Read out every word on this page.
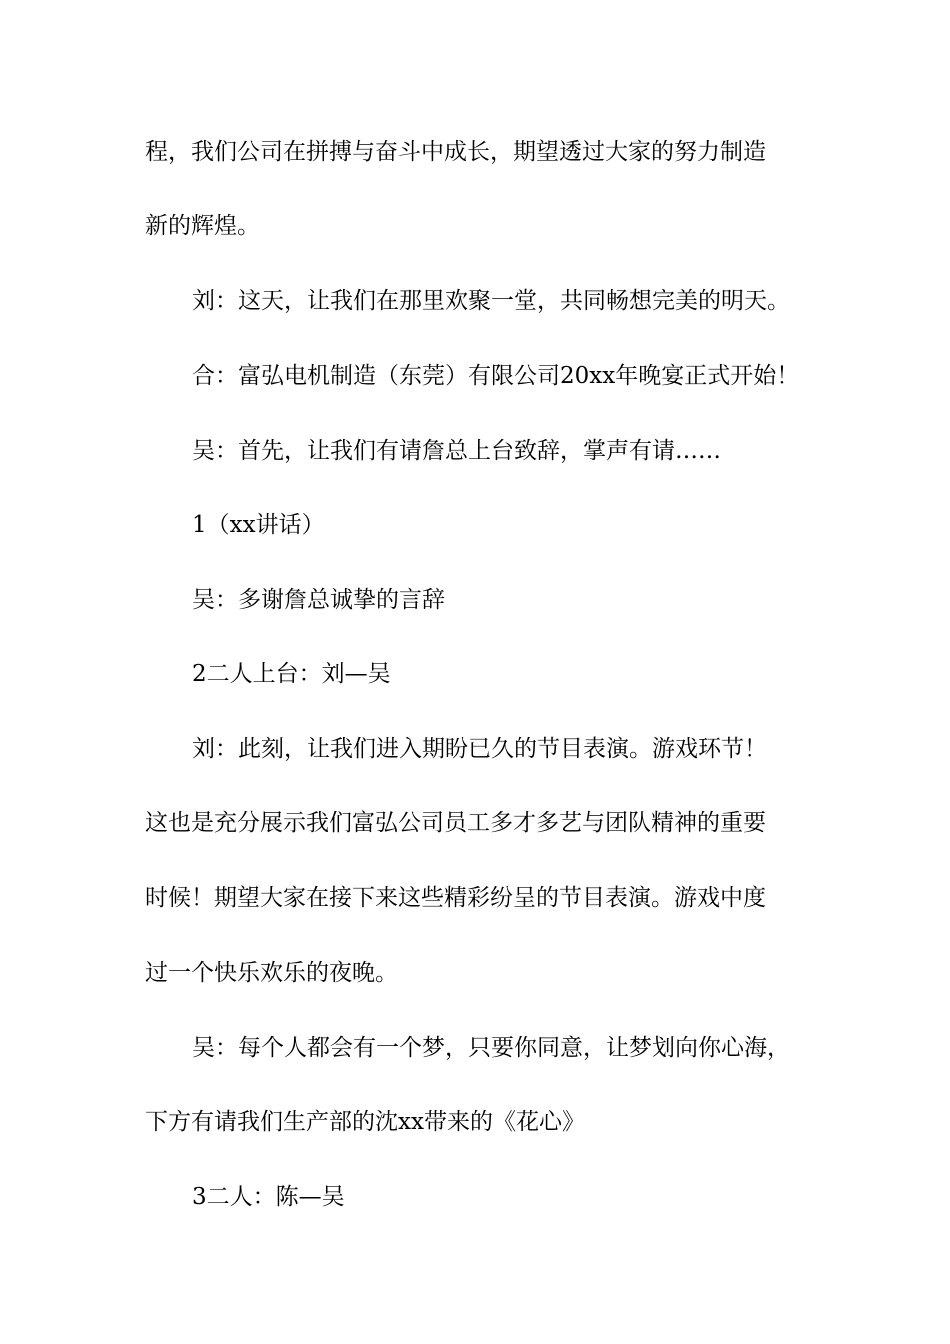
程，我们公司在拼搏与奋斗中成长，期望透过大家的努力制造

新的辉煌。

刘：这天，让我们在那里欢聚一堂，共同畅想完美的明天。

合：富弘电机制造（东莞）有限公司20xx年晚宴正式开始！

吴：首先，让我们有请詹总上台致辞，掌声有请……

1（xx讲话）

吴：多谢詹总诚挚的言辞

2二人上台：刘—吴

刘：此刻，让我们进入期盼已久的节目表演。游戏环节！

这也是充分展示我们富弘公司员工多才多艺与团队精神的重要

时候！期望大家在接下来这些精彩纷呈的节目表演。游戏中度

过一个快乐欢乐的夜晚。

吴：每个人都会有一个梦，只要你同意，让梦划向你心海，

下方有请我们生产部的沈xx带来的《花心》

3二人：陈—吴
